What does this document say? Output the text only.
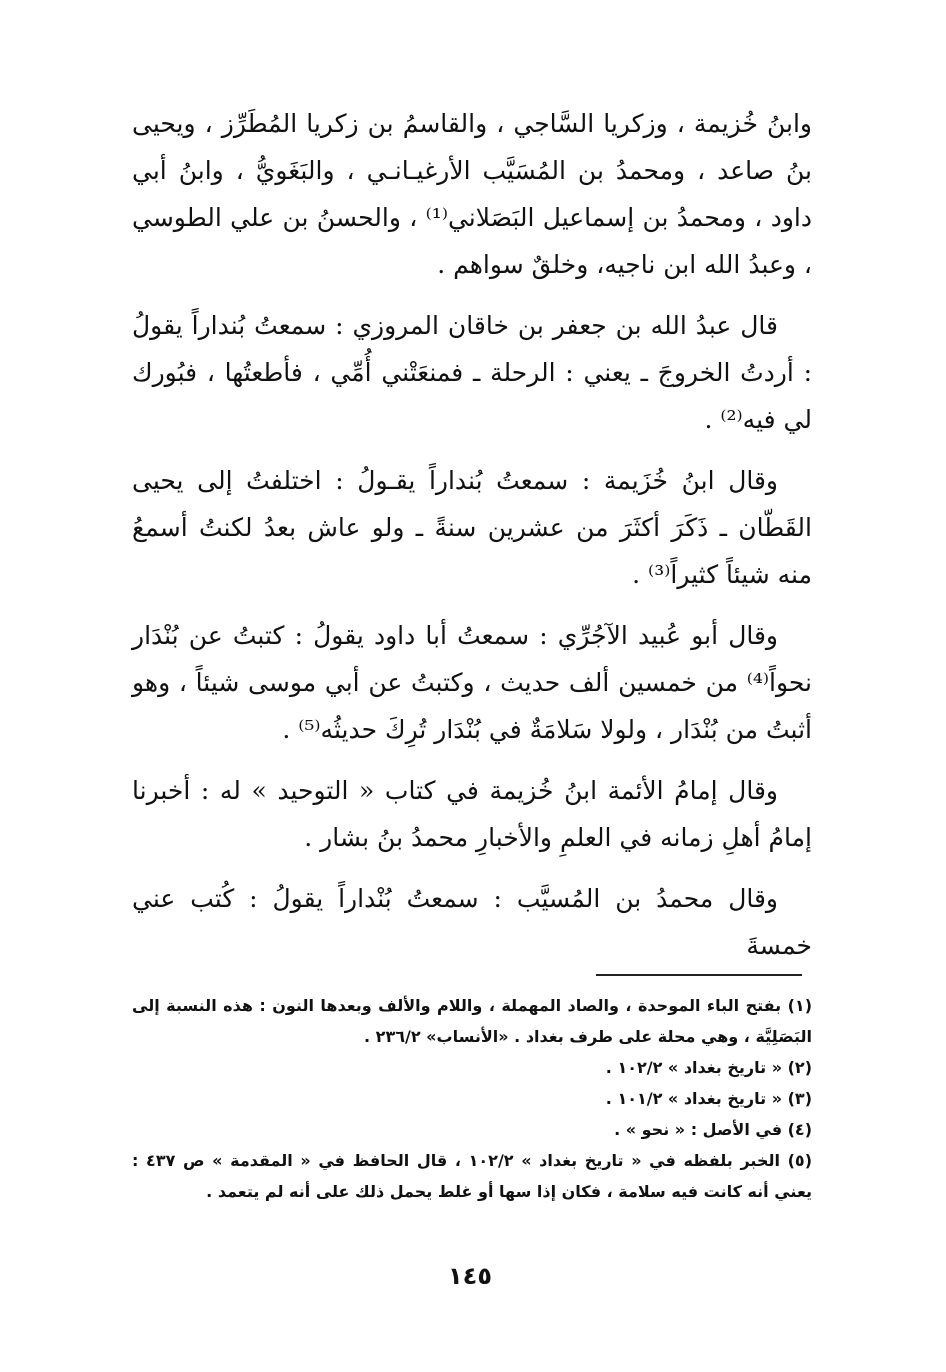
وابنُ خُزيمة ، وزكريا السَّاجي ، والقاسمُ بن زكريا المُطَرِّز ، ويحيى بنُ صاعد ، ومحمدُ بن المُسَيَّب الأرغيـانـي ، والبَغَويُّ ، وابنُ أبي داود ، ومحمدُ بن إسماعيل البَصَلاني⁽¹⁾ ، والحسنُ بن علي الطوسي ، وعبدُ الله ابن ناجيه، وخلقٌ سواهم .

قال عبدُ الله بن جعفر بن خاقان المروزي : سمعتُ بُنداراً يقولُ : أردتُ الخروجَ ـ يعني : الرحلة ـ فمنعَتْني أُمِّي ، فأطعتُها ، فبُورك لي فيه⁽²⁾ .

وقال ابنُ خُزَيمة : سمعتُ بُنداراً يقـولُ : اختلفتُ إلى يحيى القَطّان ـ ذَكَرَ أكثَرَ من عشرين سنةً ـ ولو عاش بعدُ لكنتُ أسمعُ منه شيئاً كثيراً⁽³⁾ .

وقال أبو عُبيد الآجُرِّي : سمعتُ أبا داود يقولُ : كتبتُ عن بُنْدَار نحواً⁽⁴⁾ من خمسين ألف حديث ، وكتبتُ عن أبي موسى شيئاً ، وهو أثبتُ من بُنْدَار ، ولولا سَلامَةٌ في بُنْدَار تُرِكَ حديثُه⁽⁵⁾ .

وقال إمامُ الأئمة ابنُ خُزيمة في كتاب « التوحيد » له : أخبرنا إمامُ أهلِ زمانه في العلمِ والأخبارِ محمدُ بنُ بشار .

وقال محمدُ بن المُسيَّب : سمعتُ بُنْداراً يقولُ : كُتب عني خمسةَ

(١) بفتح الباء الموحدة ، والصاد المهملة ، واللام والألف وبعدها النون : هذه النسبة إلى البَصَلِيَّة ، وهي محلة على طرف بغداد . «الأنساب» ٢٣٦/٢ .

(٢) « تاريخ بغداد » ١٠٢/٢ .

(٣) « تاريخ بغداد » ١٠١/٢ .

(٤) في الأصل : « نحو » .

(٥) الخبر بلفظه في « تاريخ بغداد » ١٠٢/٢ ، قال الحافظ في « المقدمة » ص ٤٣٧ : يعني أنه كانت فيه سلامة ، فكان إذا سها أو غلط يحمل ذلك على أنه لم يتعمد .

١٤٥
